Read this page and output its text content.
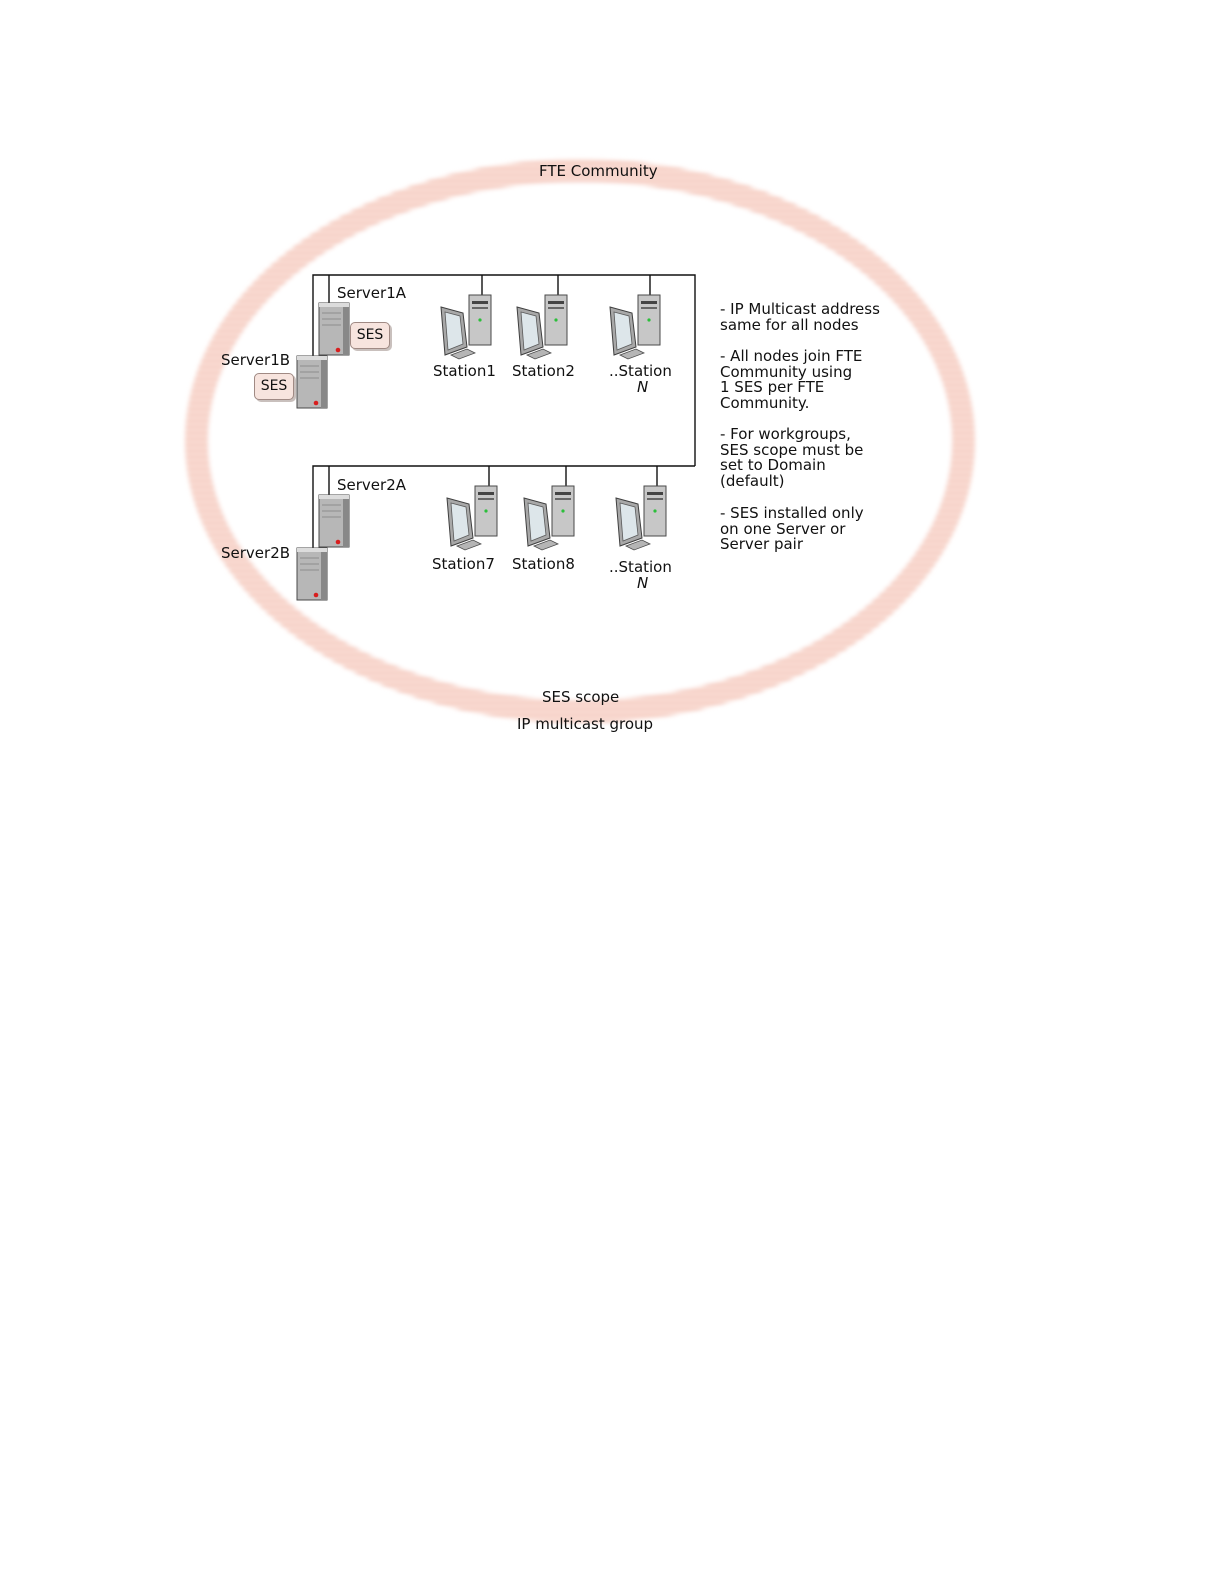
FTE Community
SES scope
IP multicast group
Server1A
Server1B
Server2A
Server2B
SES
SES
Station1 Station2 ..Station
N
Station7 Station8 ..Station
N
- IP Multicast address
same for all nodes
- All nodes join FTE
Community using
1 SES per FTE
Community.
- For workgroups,
SES scope must be
set to Domain
(default)
- SES installed only
on one Server or
Server pair
